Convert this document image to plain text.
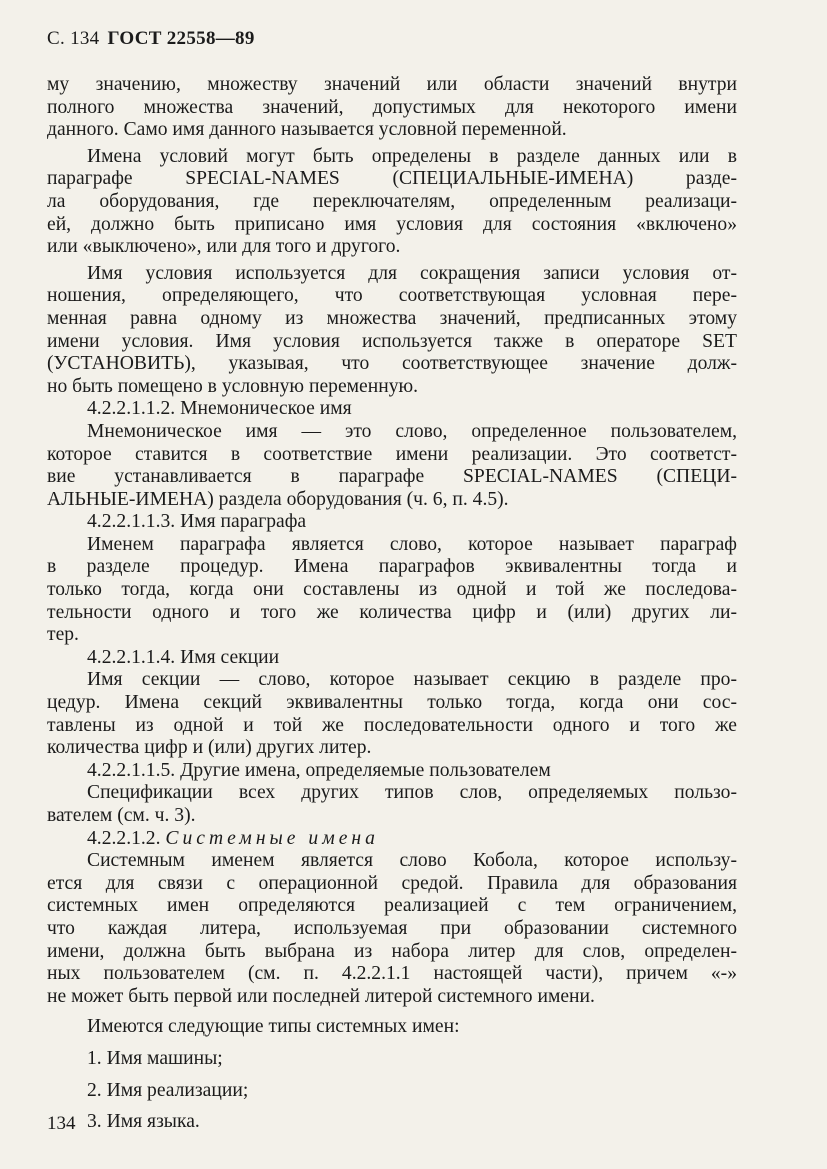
С. 134 ГОСТ 22558—89
му значению, множеству значений или области значений внутри
полного множества значений, допустимых для некоторого имени
данного. Само имя данного называется условной переменной.
Имена условий могут быть определены в разделе данных или в
параграфе SPECIAL-NAMES (СПЕЦИАЛЬНЫЕ-ИМЕНА) разде-
ла оборудования, где переключателям, определенным реализаци-
ей, должно быть приписано имя условия для состояния «включено»
или «выключено», или для того и другого.
Имя условия используется для сокращения записи условия от-
ношения, определяющего, что соответствующая условная пере-
менная равна одному из множества значений, предписанных этому
имени условия. Имя условия используется также в операторе SET
(УСТАНОВИТЬ), указывая, что соответствующее значение долж-
но быть помещено в условную переменную.
4.2.2.1.1.2. Мнемоническое имя
Мнемоническое имя — это слово, определенное пользователем,
которое ставится в соответствие имени реализации. Это соответст-
вие устанавливается в параграфе SPECIAL-NAMES (СПЕЦИ-
АЛЬНЫЕ-ИМЕНА) раздела оборудования (ч. 6, п. 4.5).
4.2.2.1.1.3. Имя параграфа
Именем параграфа является слово, которое называет параграф
в разделе процедур. Имена параграфов эквивалентны тогда и
только тогда, когда они составлены из одной и той же последова-
тельности одного и того же количества цифр и (или) других ли-
тер.
4.2.2.1.1.4. Имя секции
Имя секции — слово, которое называет секцию в разделе про-
цедур. Имена секций эквивалентны только тогда, когда они сос-
тавлены из одной и той же последовательности одного и того же
количества цифр и (или) других литер.
4.2.2.1.1.5. Другие имена, определяемые пользователем
Спецификации всех других типов слов, определяемых пользо-
вателем (см. ч. 3).
4.2.2.1.2. Системные имена
Системным именем является слово Кобола, которое использу-
ется для связи с операционной средой. Правила для образования
системных имен определяются реализацией с тем ограничением,
что каждая литера, используемая при образовании системного
имени, должна быть выбрана из набора литер для слов, определен-
ных пользователем (см. п. 4.2.2.1.1 настоящей части), причем «-»
не может быть первой или последней литерой системного имени.
Имеются следующие типы системных имен:
1. Имя машины;
2. Имя реализации;
3. Имя языка.
134
